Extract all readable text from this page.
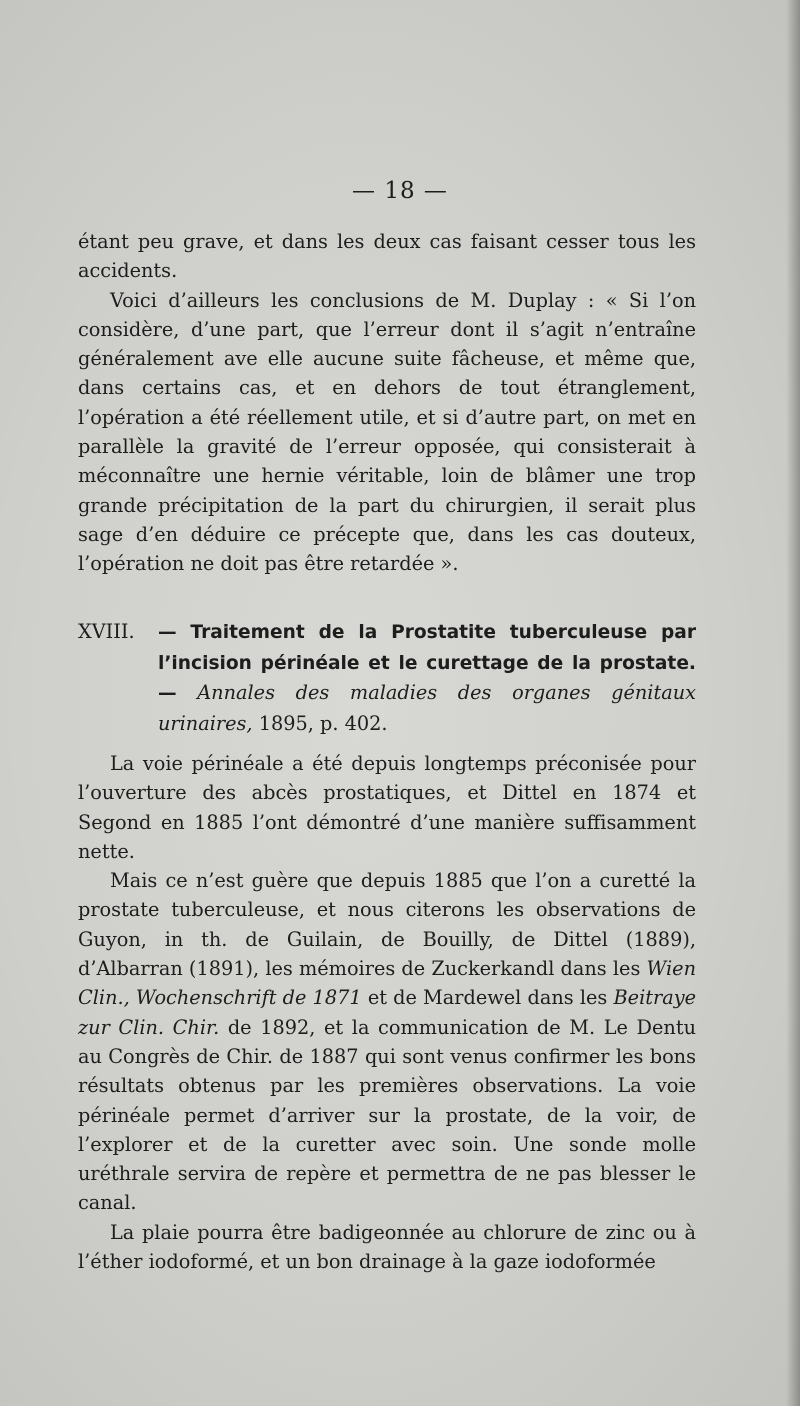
— 18 —

étant peu grave, et dans les deux cas faisant cesser tous les accidents.

Voici d’ailleurs les conclusions de M. Duplay : « Si l’on considère, d’une part, que l’erreur dont il s’agit n’entraîne généralement ave elle aucune suite fâcheuse, et même que, dans certains cas, et en dehors de tout étranglement, l’opération a été réellement utile, et si d’autre part, on met en parallèle la gravité de l’erreur opposée, qui consisterait à méconnaître une hernie véritable, loin de blâmer une trop grande précipitation de la part du chirurgien, il serait plus sage d’en déduire ce précepte que, dans les cas douteux, l’opération ne doit pas être retardée ».

XVIII. — Traitement de la Prostatite tuberculeuse par l’incision périnéale et le curettage de la prostate. — Annales des maladies des organes génitaux urinaires, 1895, p. 402.

La voie périnéale a été depuis longtemps préconisée pour l’ouverture des abcès prostatiques, et Dittel en 1874 et Segond en 1885 l’ont démontré d’une manière suffisamment nette.

Mais ce n’est guère que depuis 1885 que l’on a curetté la prostate tuberculeuse, et nous citerons les observations de Guyon, in th. de Guilain, de Bouilly, de Dittel (1889), d’Albarran (1891), les mémoires de Zuckerkandl dans les Wien Clin., Wochenschrift de 1871 et de Mardewel dans les Beitraye zur Clin. Chir. de 1892, et la communication de M. Le Dentu au Congrès de Chir. de 1887 qui sont venus confirmer les bons résultats obtenus par les premières observations. La voie périnéale permet d’arriver sur la prostate, de la voir, de l’explorer et de la curetter avec soin. Une sonde molle uréthrale servira de repère et permettra de ne pas blesser le canal.

La plaie pourra être badigeonnée au chlorure de zinc ou à l’éther iodoformé, et un bon drainage à la gaze iodoformée
